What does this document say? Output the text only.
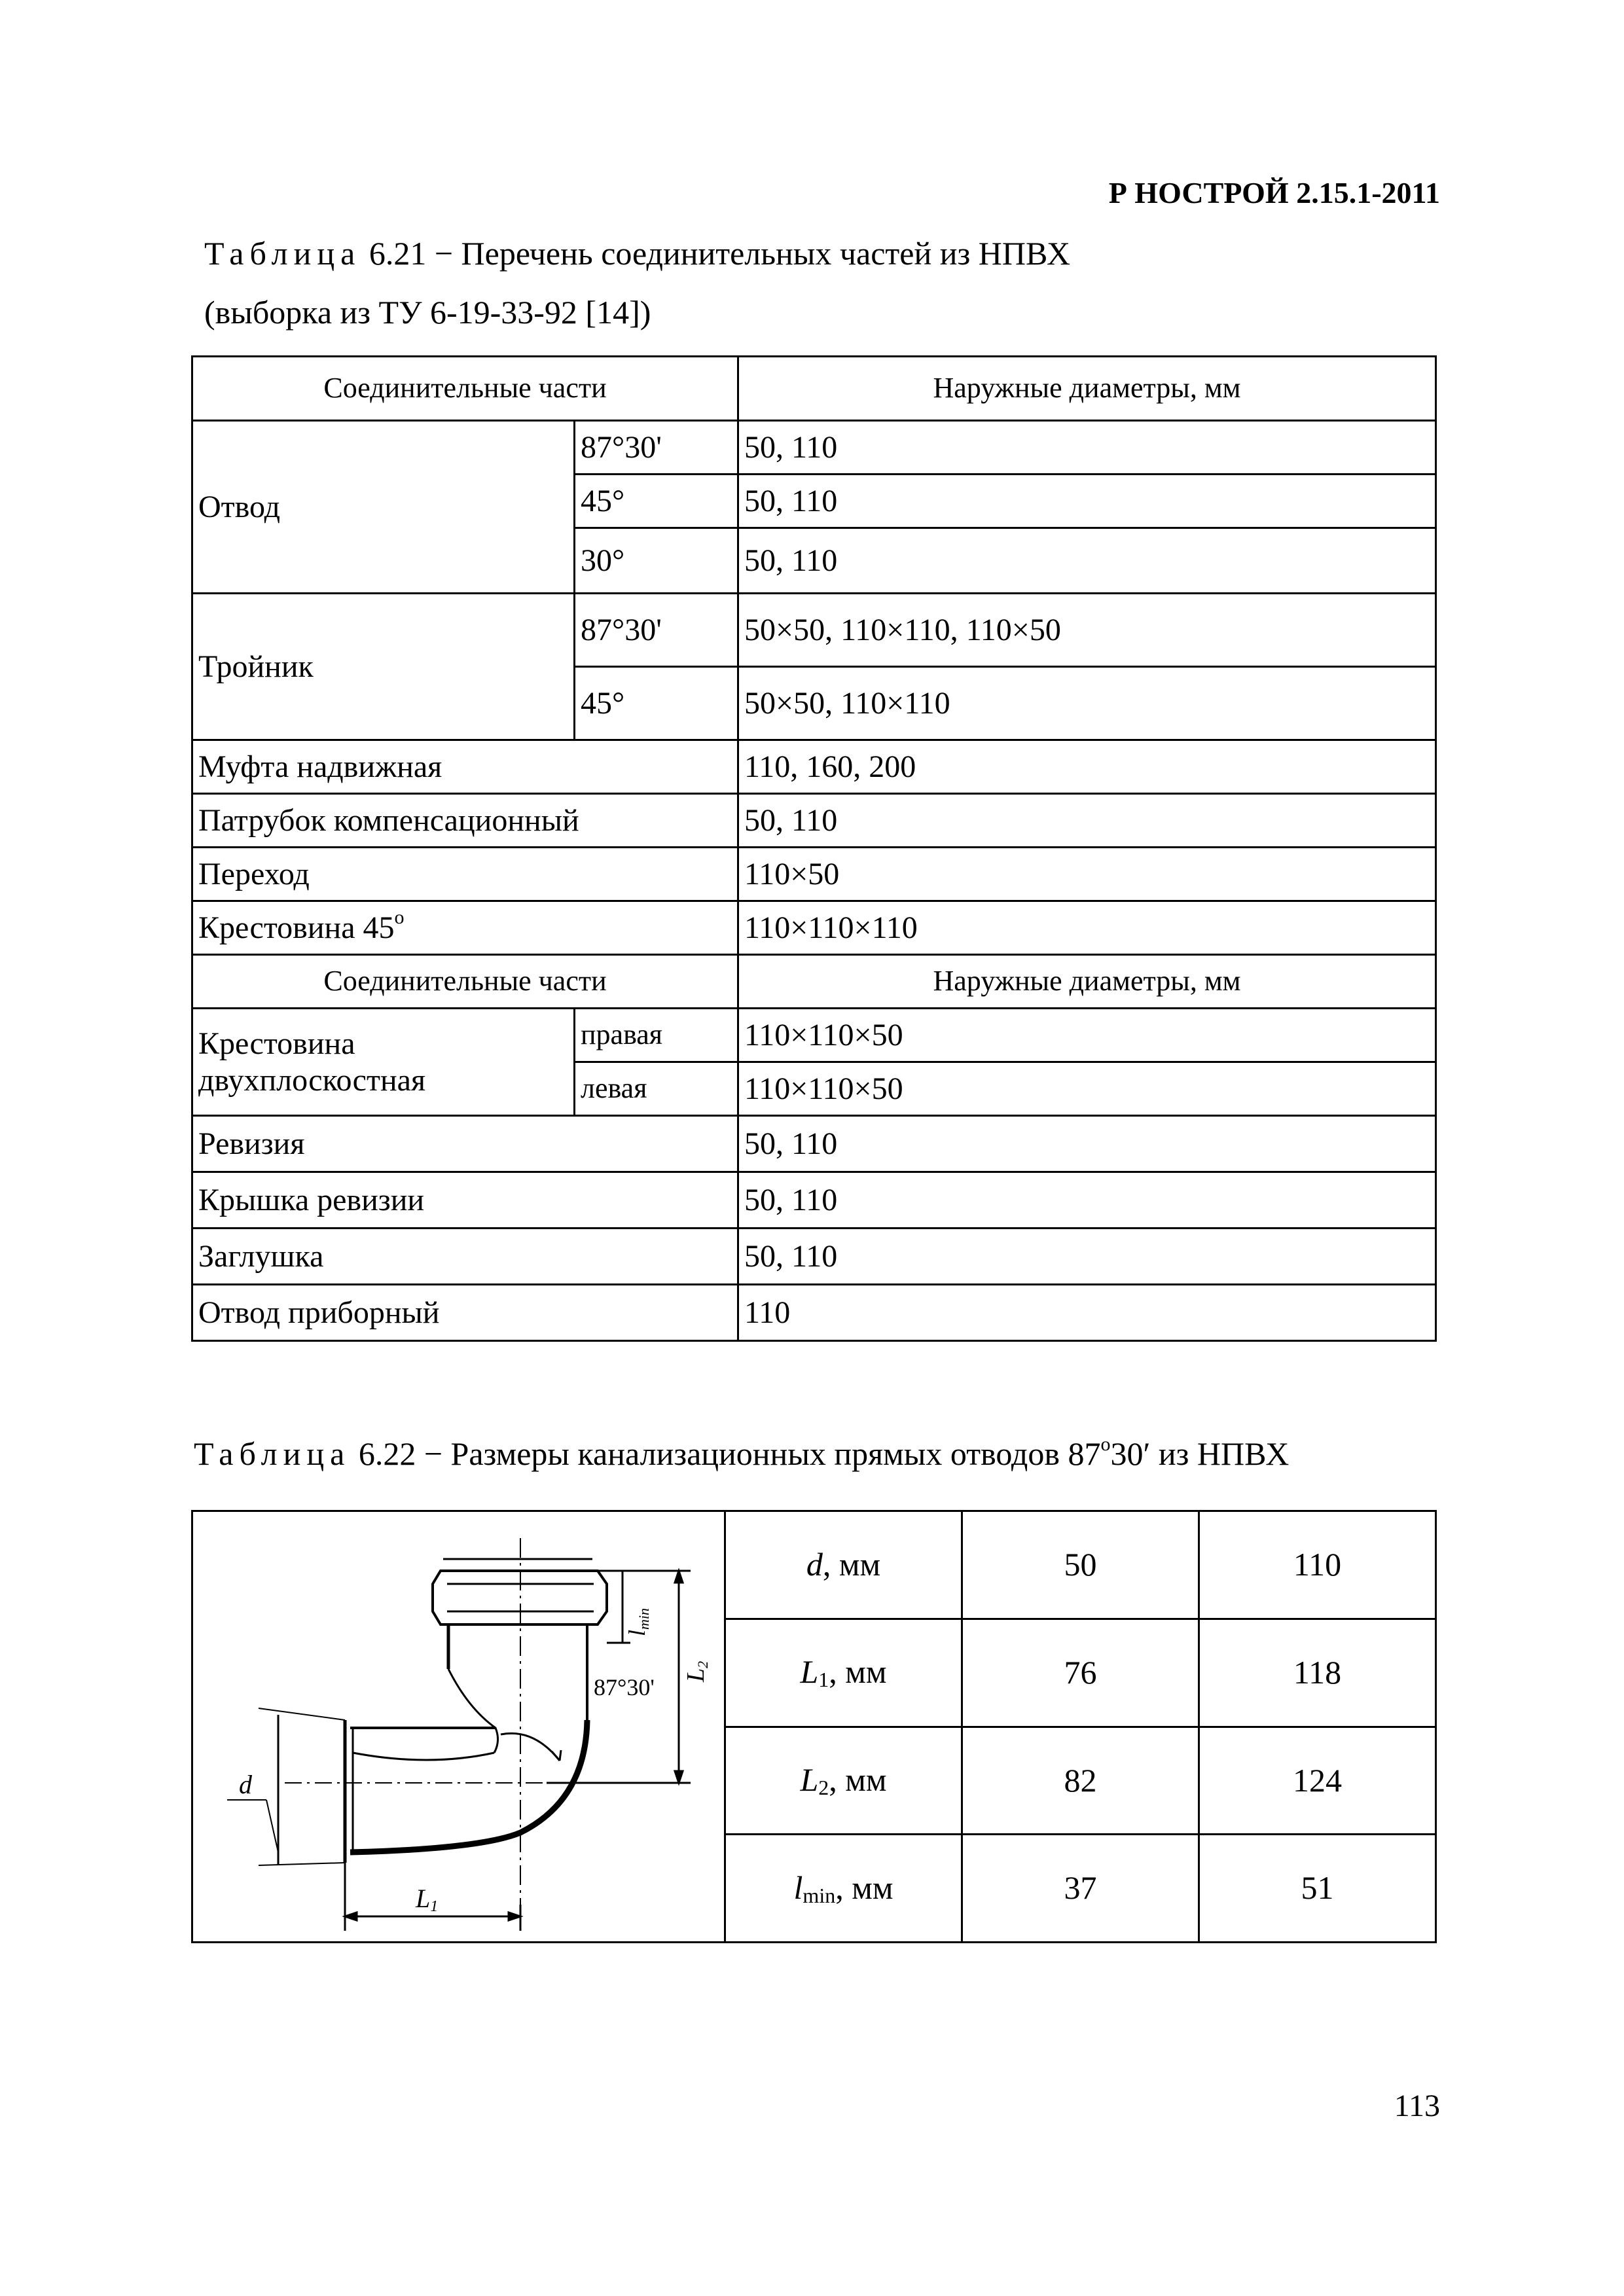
Р НОСТРОЙ 2.15.1-2011
Таблица 6.21 − Перечень соединительных частей из НПВХ
(выборка из ТУ 6-19-33-92 [14])
Соединительные части		Наружные диаметры, мм
Отвод	87°30'	50, 110
	45°	50, 110
	30°	50, 110
Тройник	87°30'	50×50, 110×110, 110×50
	45°	50×50, 110×110
Муфта надвижная		110, 160, 200
Патрубок компенсационный		50, 110
Переход		110×50
Крестовина $45^о$		110×110×110
Соединительные части		Наружные диаметры, мм
Крестовина
двухплоскостная	правая	110×110×50
	левая	110×110×50
Ревизия		50, 110
Крышка ревизии		50, 110
Заглушка		50, 110
Отвод приборный		110
Таблица 6.22 − Размеры канализационных прямых отводов $87^о30'$ из НПВХ
d
L1
87°30' L2
lmin	d, мм	50	110
	$L_1$, мм	76	118
	$L_2$, мм	82	124
	$l_{min}$, мм	37	51
113
